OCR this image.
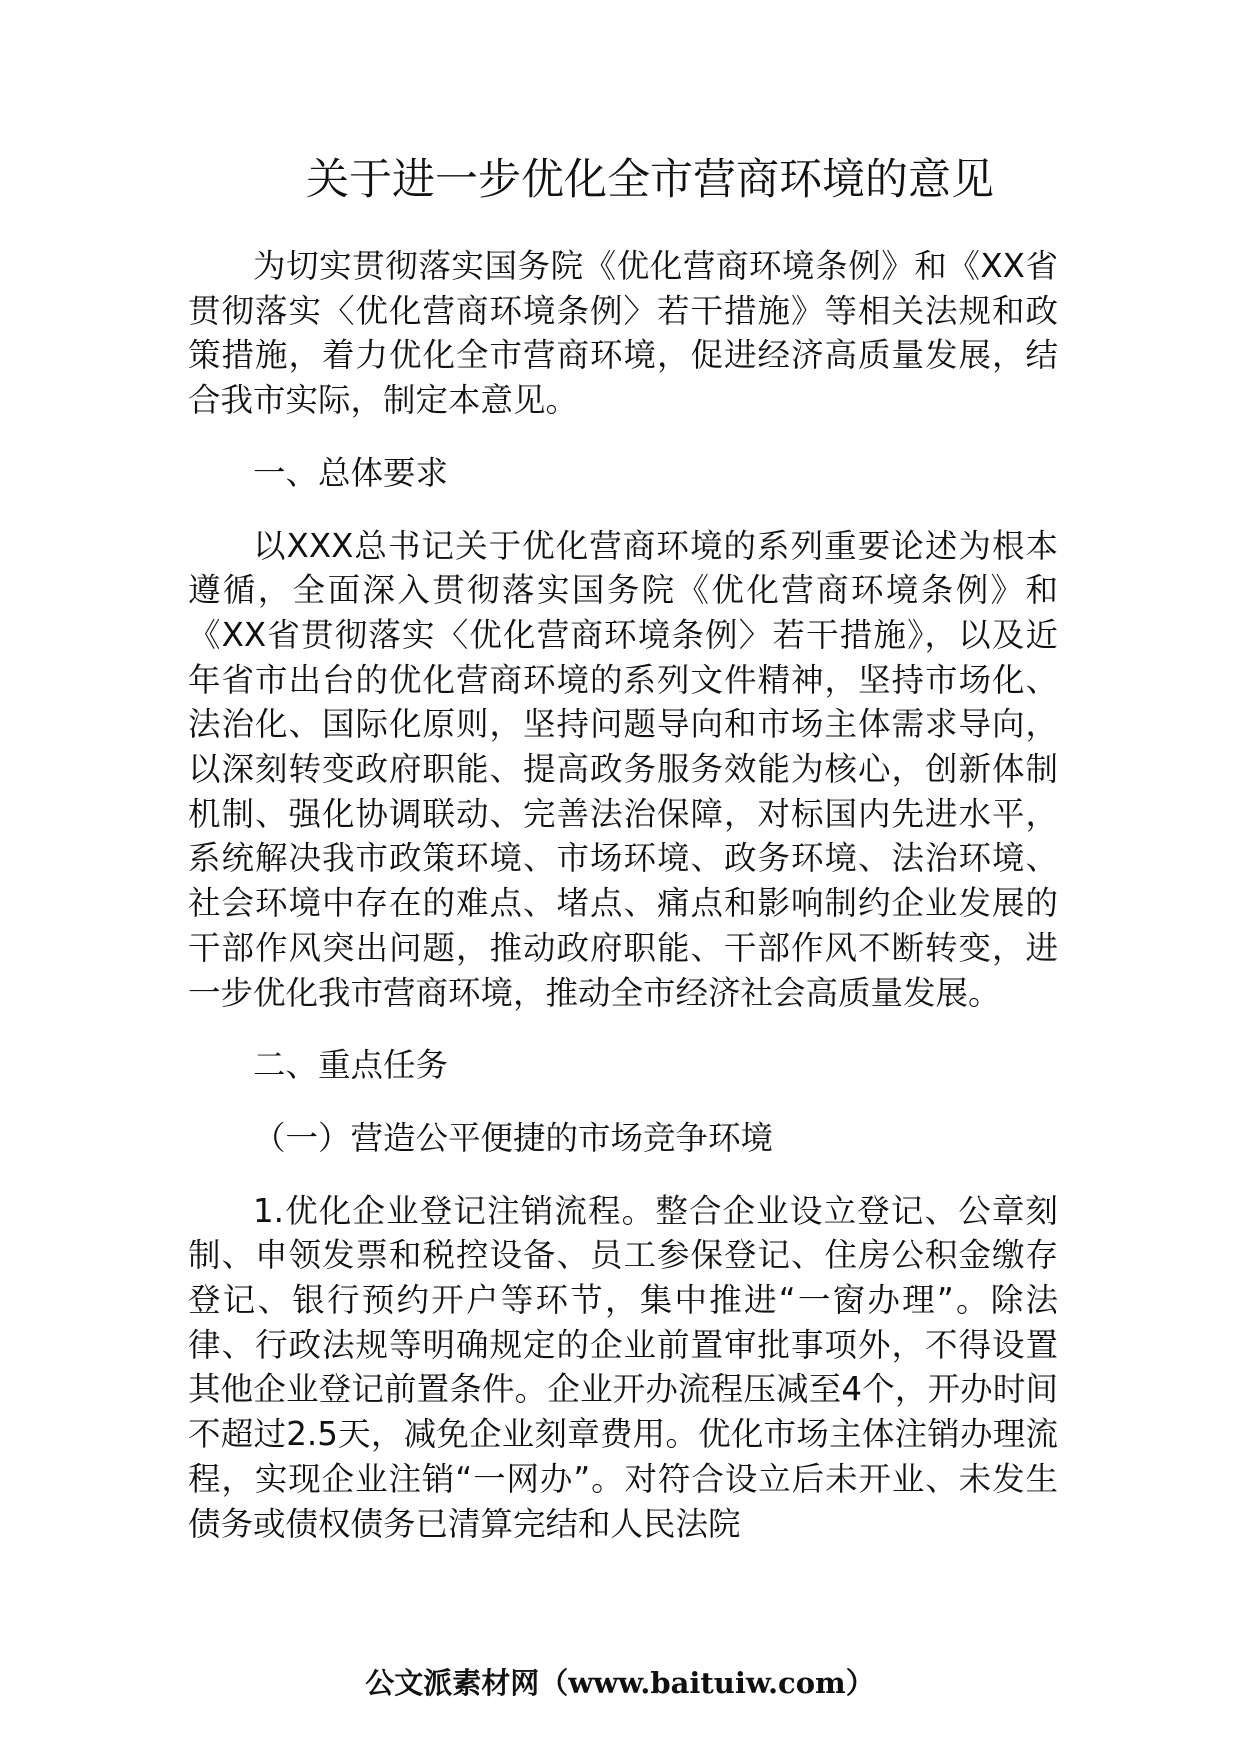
关于进一步优化全市营商环境的意见

为切实贯彻落实国务院《优化营商环境条例》和《XX省贯彻落实〈优化营商环境条例〉若干措施》等相关法规和政策措施，着力优化全市营商环境，促进经济高质量发展，结合我市实际，制定本意见。

一、总体要求

以XXX总书记关于优化营商环境的系列重要论述为根本遵循，全面深入贯彻落实国务院《优化营商环境条例》和《XX省贯彻落实〈优化营商环境条例〉若干措施》，以及近年省市出台的优化营商环境的系列文件精神，坚持市场化、法治化、国际化原则，坚持问题导向和市场主体需求导向，以深刻转变政府职能、提高政务服务效能为核心，创新体制机制、强化协调联动、完善法治保障，对标国内先进水平，系统解决我市政策环境、市场环境、政务环境、法治环境、社会环境中存在的难点、堵点、痛点和影响制约企业发展的干部作风突出问题，推动政府职能、干部作风不断转变，进一步优化我市营商环境，推动全市经济社会高质量发展。

二、重点任务

（一）营造公平便捷的市场竞争环境

1.优化企业登记注销流程。整合企业设立登记、公章刻制、申领发票和税控设备、员工参保登记、住房公积金缴存登记、银行预约开户等环节，集中推进“一窗办理”。除法律、行政法规等明确规定的企业前置审批事项外，不得设置其他企业登记前置条件。企业开办流程压减至4个，开办时间不超过2.5天，减免企业刻章费用。优化市场主体注销办理流程，实现企业注销“一网办”。对符合设立后未开业、未发生债务或债权债务已清算完结和人民法院

公文派素材网（www.baituiw.com）
